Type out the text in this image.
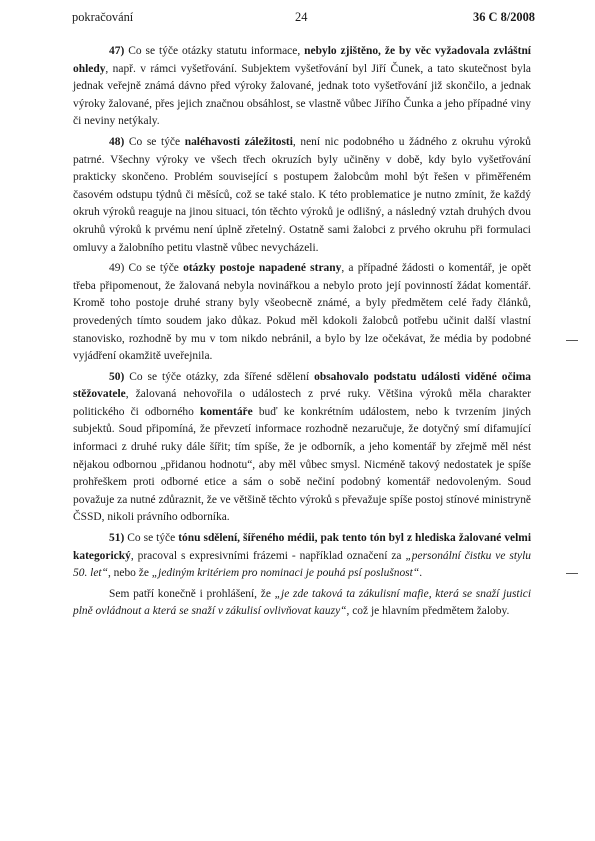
pokračování	24	36 C 8/2008

47) Co se týče otázky statutu informace, nebylo zjištěno, že by věc vyžadovala zvláštní ohledy, např. v rámci vyšetřování. Subjektem vyšetřování byl Jiří Čunek, a tato skutečnost byla jednak veřejně známá dávno před výroky žalované, jednak toto vyšetřování již skončilo, a jednak výroky žalované, přes jejich značnou obsáhlost, se vlastně vůbec Jiřího Čunka a jeho případné viny či neviny netýkaly.

48) Co se týče naléhavosti záležitosti, není nic podobného u žádného z okruhu výroků patrné. Všechny výroky ve všech třech okruzích byly učiněny v době, kdy bylo vyšetřování prakticky skončeno. Problém související s postupem žalobcům mohl být řešen v přiměřeném časovém odstupu týdnů či měsíců, což se také stalo. K této problematice je nutno zmínit, že každý okruh výroků reaguje na jinou situaci, tón těchto výroků je odlišný, a následný vztah druhých dvou okruhů výroků k prvému není úplně zřetelný. Ostatně sami žalobci z prvého okruhu při formulaci omluvy a žalobního petitu vlastně vůbec nevycházeli.

49) Co se týče otázky postoje napadené strany, a případné žádosti o komentář, je opět třeba připomenout, že žalovaná nebyla novinářkou a nebylo proto její povinností žádat komentář. Kromě toho postoje druhé strany byly všeobecně známé, a byly předmětem celé řady článků, provedených tímto soudem jako důkaz. Pokud měl kdokoli žalobců potřebu učinit další vlastní stanovisko, rozhodně by mu v tom nikdo nebránil, a bylo by lze očekávat, že média by podobné vyjádření okamžitě uveřejnila.

50) Co se týče otázky, zda šířené sdělení obsahovalo podstatu události viděné očima stěžovatele, žalovaná nehovořila o událostech z prvé ruky. Většina výroků měla charakter politického či odborného komentáře buď ke konkrétním událostem, nebo k tvrzením jiných subjektů. Soud připomíná, že převzetí informace rozhodně nezaručuje, že dotyčný smí difamující informaci z druhé ruky dále šířit; tím spíše, že je odborník, a jeho komentář by zřejmě měl nést nějakou odbornou „přidanou hodnotu“, aby měl vůbec smysl. Nicméně takový nedostatek je spíše prohřeškem proti odborné etice a sám o sobě nečiní podobný komentář nedovoleným. Soud považuje za nutné zdůraznit, že ve většině těchto výroků s převažuje spíše postoj stínové ministryně ČSSD, nikoli právního odborníka.

51) Co se týče tónu sdělení, šířeného médii, pak tento tón byl z hlediska žalované velmi kategorický, pracoval s expresivními frázemi - například označení za „personální čistku ve stylu 50. let“, nebo že „jediným kritériem pro nominaci je pouhá psí poslušnost“.

Sem patří konečně i prohlášení, že „je zde taková ta zákulisní mafie, která se snaží justici plně ovládnout a která se snaží v zákulisí ovlivňovat kauzy“, což je hlavním předmětem žaloby.
